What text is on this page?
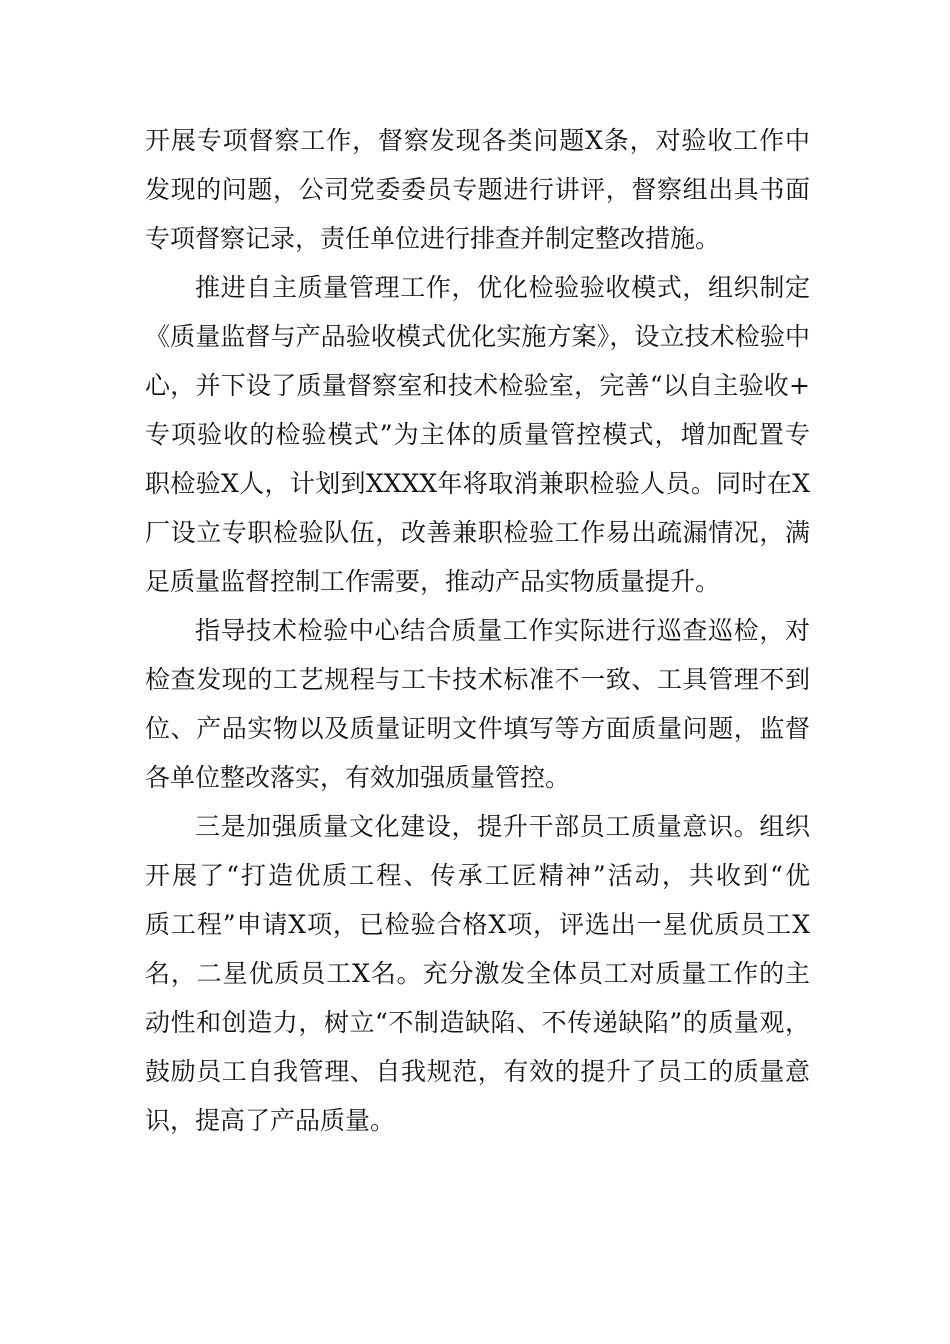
开展专项督察工作，督察发现各类问题X条，对验收工作中
发现的问题，公司党委委员专题进行讲评，督察组出具书面
专项督察记录，责任单位进行排查并制定整改措施。
推进自主质量管理工作，优化检验验收模式，组织制定
《质量监督与产品验收模式优化实施方案》，设立技术检验中
心，并下设了质量督察室和技术检验室，完善“以自主验收+
专项验收的检验模式”为主体的质量管控模式，增加配置专
职检验X人，计划到XXXX年将取消兼职检验人员。同时在X
厂设立专职检验队伍，改善兼职检验工作易出疏漏情况，满
足质量监督控制工作需要，推动产品实物质量提升。
指导技术检验中心结合质量工作实际进行巡查巡检，对
检查发现的工艺规程与工卡技术标准不一致、工具管理不到
位、产品实物以及质量证明文件填写等方面质量问题，监督
各单位整改落实，有效加强质量管控。
三是加强质量文化建设，提升干部员工质量意识。组织
开展了“打造优质工程、传承工匠精神”活动，共收到“优
质工程”申请X项，已检验合格X项，评选出一星优质员工X
名，二星优质员工X名。充分激发全体员工对质量工作的主
动性和创造力，树立“不制造缺陷、不传递缺陷”的质量观，
鼓励员工自我管理、自我规范，有效的提升了员工的质量意
识，提高了产品质量。
